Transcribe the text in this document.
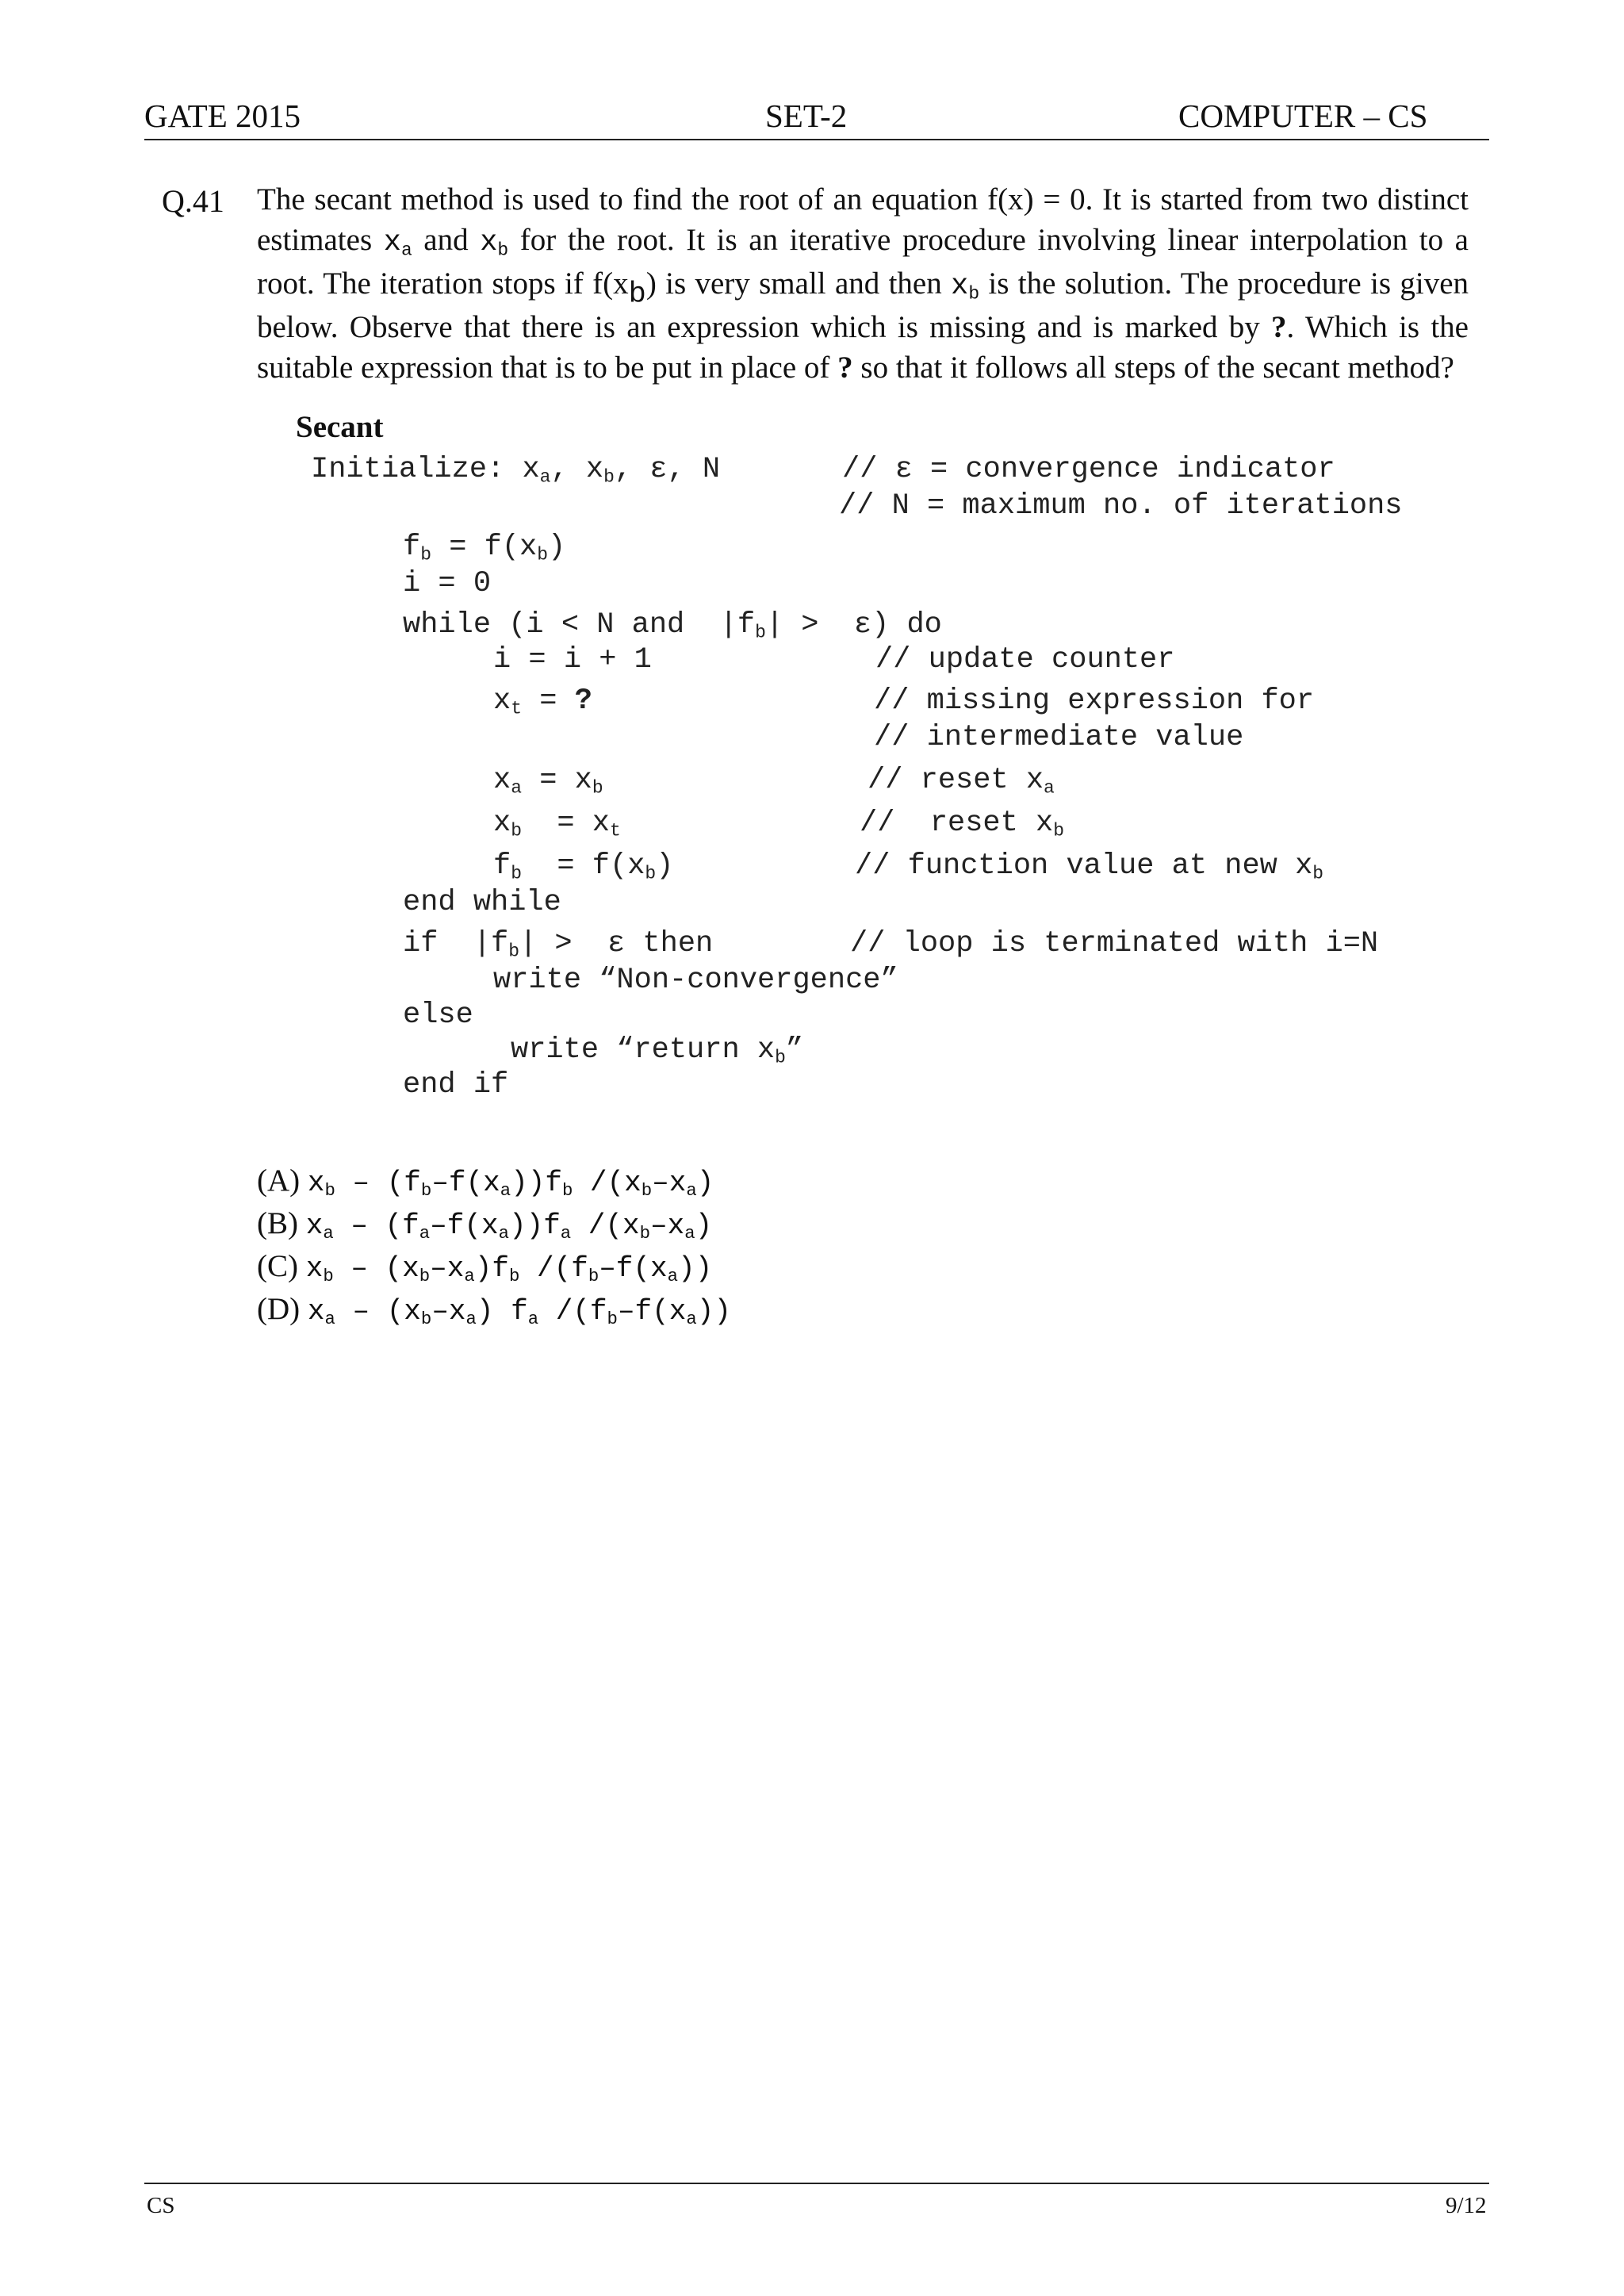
GATE 2015	SET-2	COMPUTER – CS
Q.41 The secant method is used to find the root of an equation f(x) = 0. It is started from two distinct estimates $x_a$ and $x_b$ for the root. It is an iterative procedure involving linear interpolation to a root. The iteration stops if $f(x_b)$ is very small and then $x_b$ is the solution. The procedure is given below. Observe that there is an expression which is missing and is marked by ?. Which is the suitable expression that is to be put in place of ? so that it follows all steps of the secant method?
Secant
Initialize: $x_a$, $x_b$, ε, N	// ε = convergence indicator
// N = maximum no. of iterations
$f_b = f(x_b)$
i = 0
while (i < N and  $|f_b| > \varepsilon$) do
i = i + 1	// update counter
$x_t$ = ?	// missing expression for
// intermediate value
$x_a = x_b$	// reset $x_a$
$x_b = x_t$	//  reset $x_b$
$f_b = f(x_b)$	// function value at new $x_b$
end while
if  $|f_b| > \varepsilon$ then	// loop is terminated with i=N
write “Non-convergence”
else
write “return $x_b$”
end if
(A) $x_b - (f_b-f(x_a))f_b$ $/(x_b-x_a)$
(B) $x_a - (f_a-f(x_a))f_a$ $/(x_b-x_a)$
(C) $x_b - (x_b-x_a)f_b$ $/(f_b-f(x_a))$
(D) $x_a - (x_b-x_a)$ $f_a$ $/(f_b-f(x_a))$
CS	9/12
